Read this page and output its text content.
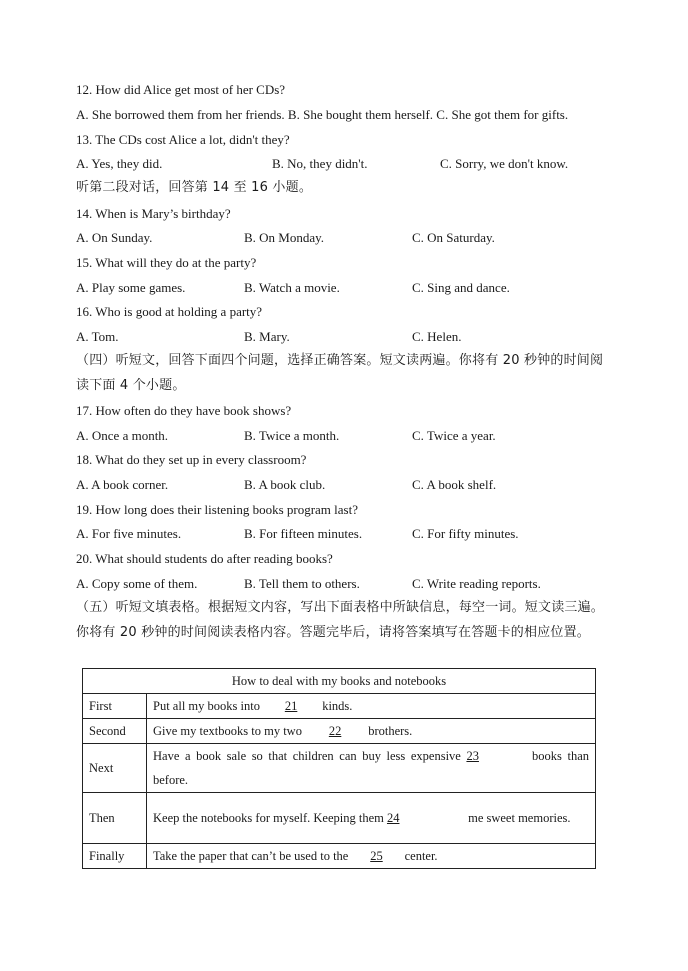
12. How did Alice get most of her CDs?
A. She borrowed them from her friends. B. She bought them herself. C. She got them for gifts.
13. The CDs cost Alice a lot, didn't they?
A. Yes, they did.	B. No, they didn't.	C. Sorry, we don't know.
听第二段对话，回答第 14 至 16 小题。
14. When is Mary’s birthday?
A. On Sunday.	B. On Monday.	C. On Saturday.
15. What will they do at the party?
A. Play some games.	B. Watch a movie.	C. Sing and dance.
16. Who is good at holding a party?
A. Tom.	B. Mary.	C. Helen.
（四）听短文，回答下面四个问题，选择正确答案。短文读两遍。你将有 20 秒钟的时间阅读下面 4 个小题。
17. How often do they have book shows?
A. Once a month.	B. Twice a month.	C. Twice a year.
18. What do they set up in every classroom?
A. A book corner.	B. A book club.	C. A book shelf.
19. How long does their listening books program last?
A. For five minutes.	B. For fifteen minutes.	C. For fifty minutes.
20. What should students do after reading books?
A. Copy some of them.	B. Tell them to others.	C. Write reading reports.
（五）听短文填表格。根据短文内容，写出下面表格中所缺信息，每空一词。短文读三遍。你将有 20 秒钟的时间阅读表格内容。答题完毕后，请将答案填写在答题卡的相应位置。
How to deal with my books and notebooks	
First	Put all my books into 21 kinds.
Second	Give my textbooks to my two 22 brothers.
Next	Have a book sale so that children can buy less expensive 23 books than before.
Then	Keep the notebooks for myself. Keeping them 24 me sweet memories.
Finally	Take the paper that can’t be used to the 25 center.
